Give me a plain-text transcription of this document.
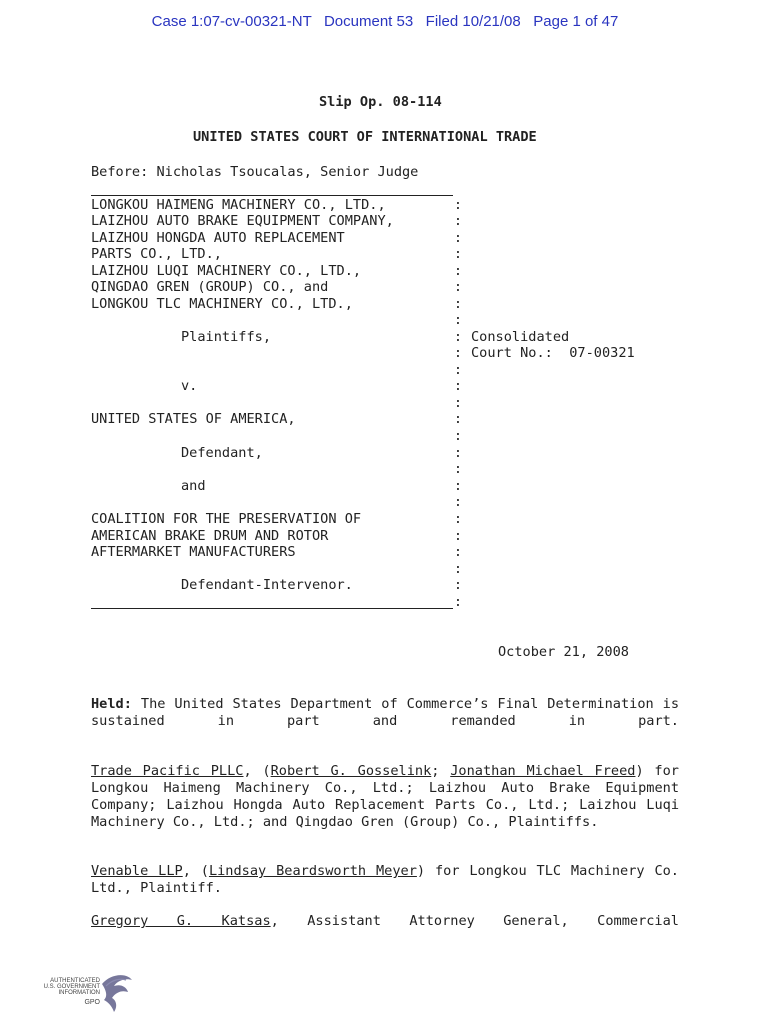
Case 1:07-cv-00321-NT   Document 53   Filed 10/21/08   Page 1 of 47
Slip Op. 08-114
UNITED STATES COURT OF INTERNATIONAL TRADE
Before: Nicholas Tsoucalas, Senior Judge
LONGKOU HAIMENG MACHINERY CO., LTD.,
LAIZHOU AUTO BRAKE EQUIPMENT COMPANY,
LAIZHOU HONGDA AUTO REPLACEMENT
PARTS CO., LTD.,
LAIZHOU LUQI MACHINERY CO., LTD.,
QINGDAO GREN (GROUP) CO., and
LONGKOU TLC MACHINERY CO., LTD.,
Plaintiffs,
v.
UNITED STATES OF AMERICA,
Defendant,
and
COALITION FOR THE PRESERVATION OF
AMERICAN BRAKE DRUM AND ROTOR
AFTERMARKET MANUFACTURERS
Defendant-Intervenor.
:
:
:
:
:
:
:
:
:
:
:
:
:
:
:
:
:
:
:
:
:
:
:
:
:
Consolidated
Court No.:  07-00321
October 21, 2008
Held: The United States Department of Commerce’s Final Determination is sustained in part and remanded in part.
Trade Pacific PLLC, (Robert G. Gosselink; Jonathan Michael Freed) for Longkou Haimeng Machinery Co., Ltd.; Laizhou Auto Brake Equipment Company; Laizhou Hongda Auto Replacement Parts Co., Ltd.; Laizhou Luqi Machinery Co., Ltd.; and Qingdao Gren (Group) Co., Plaintiffs.
Venable LLP, (Lindsay Beardsworth Meyer) for Longkou TLC Machinery Co. Ltd., Plaintiff.
Gregory G. Katsas, Assistant Attorney General, Commercial
AUTHENTICATED
U.S. GOVERNMENT
INFORMATION
GPO
